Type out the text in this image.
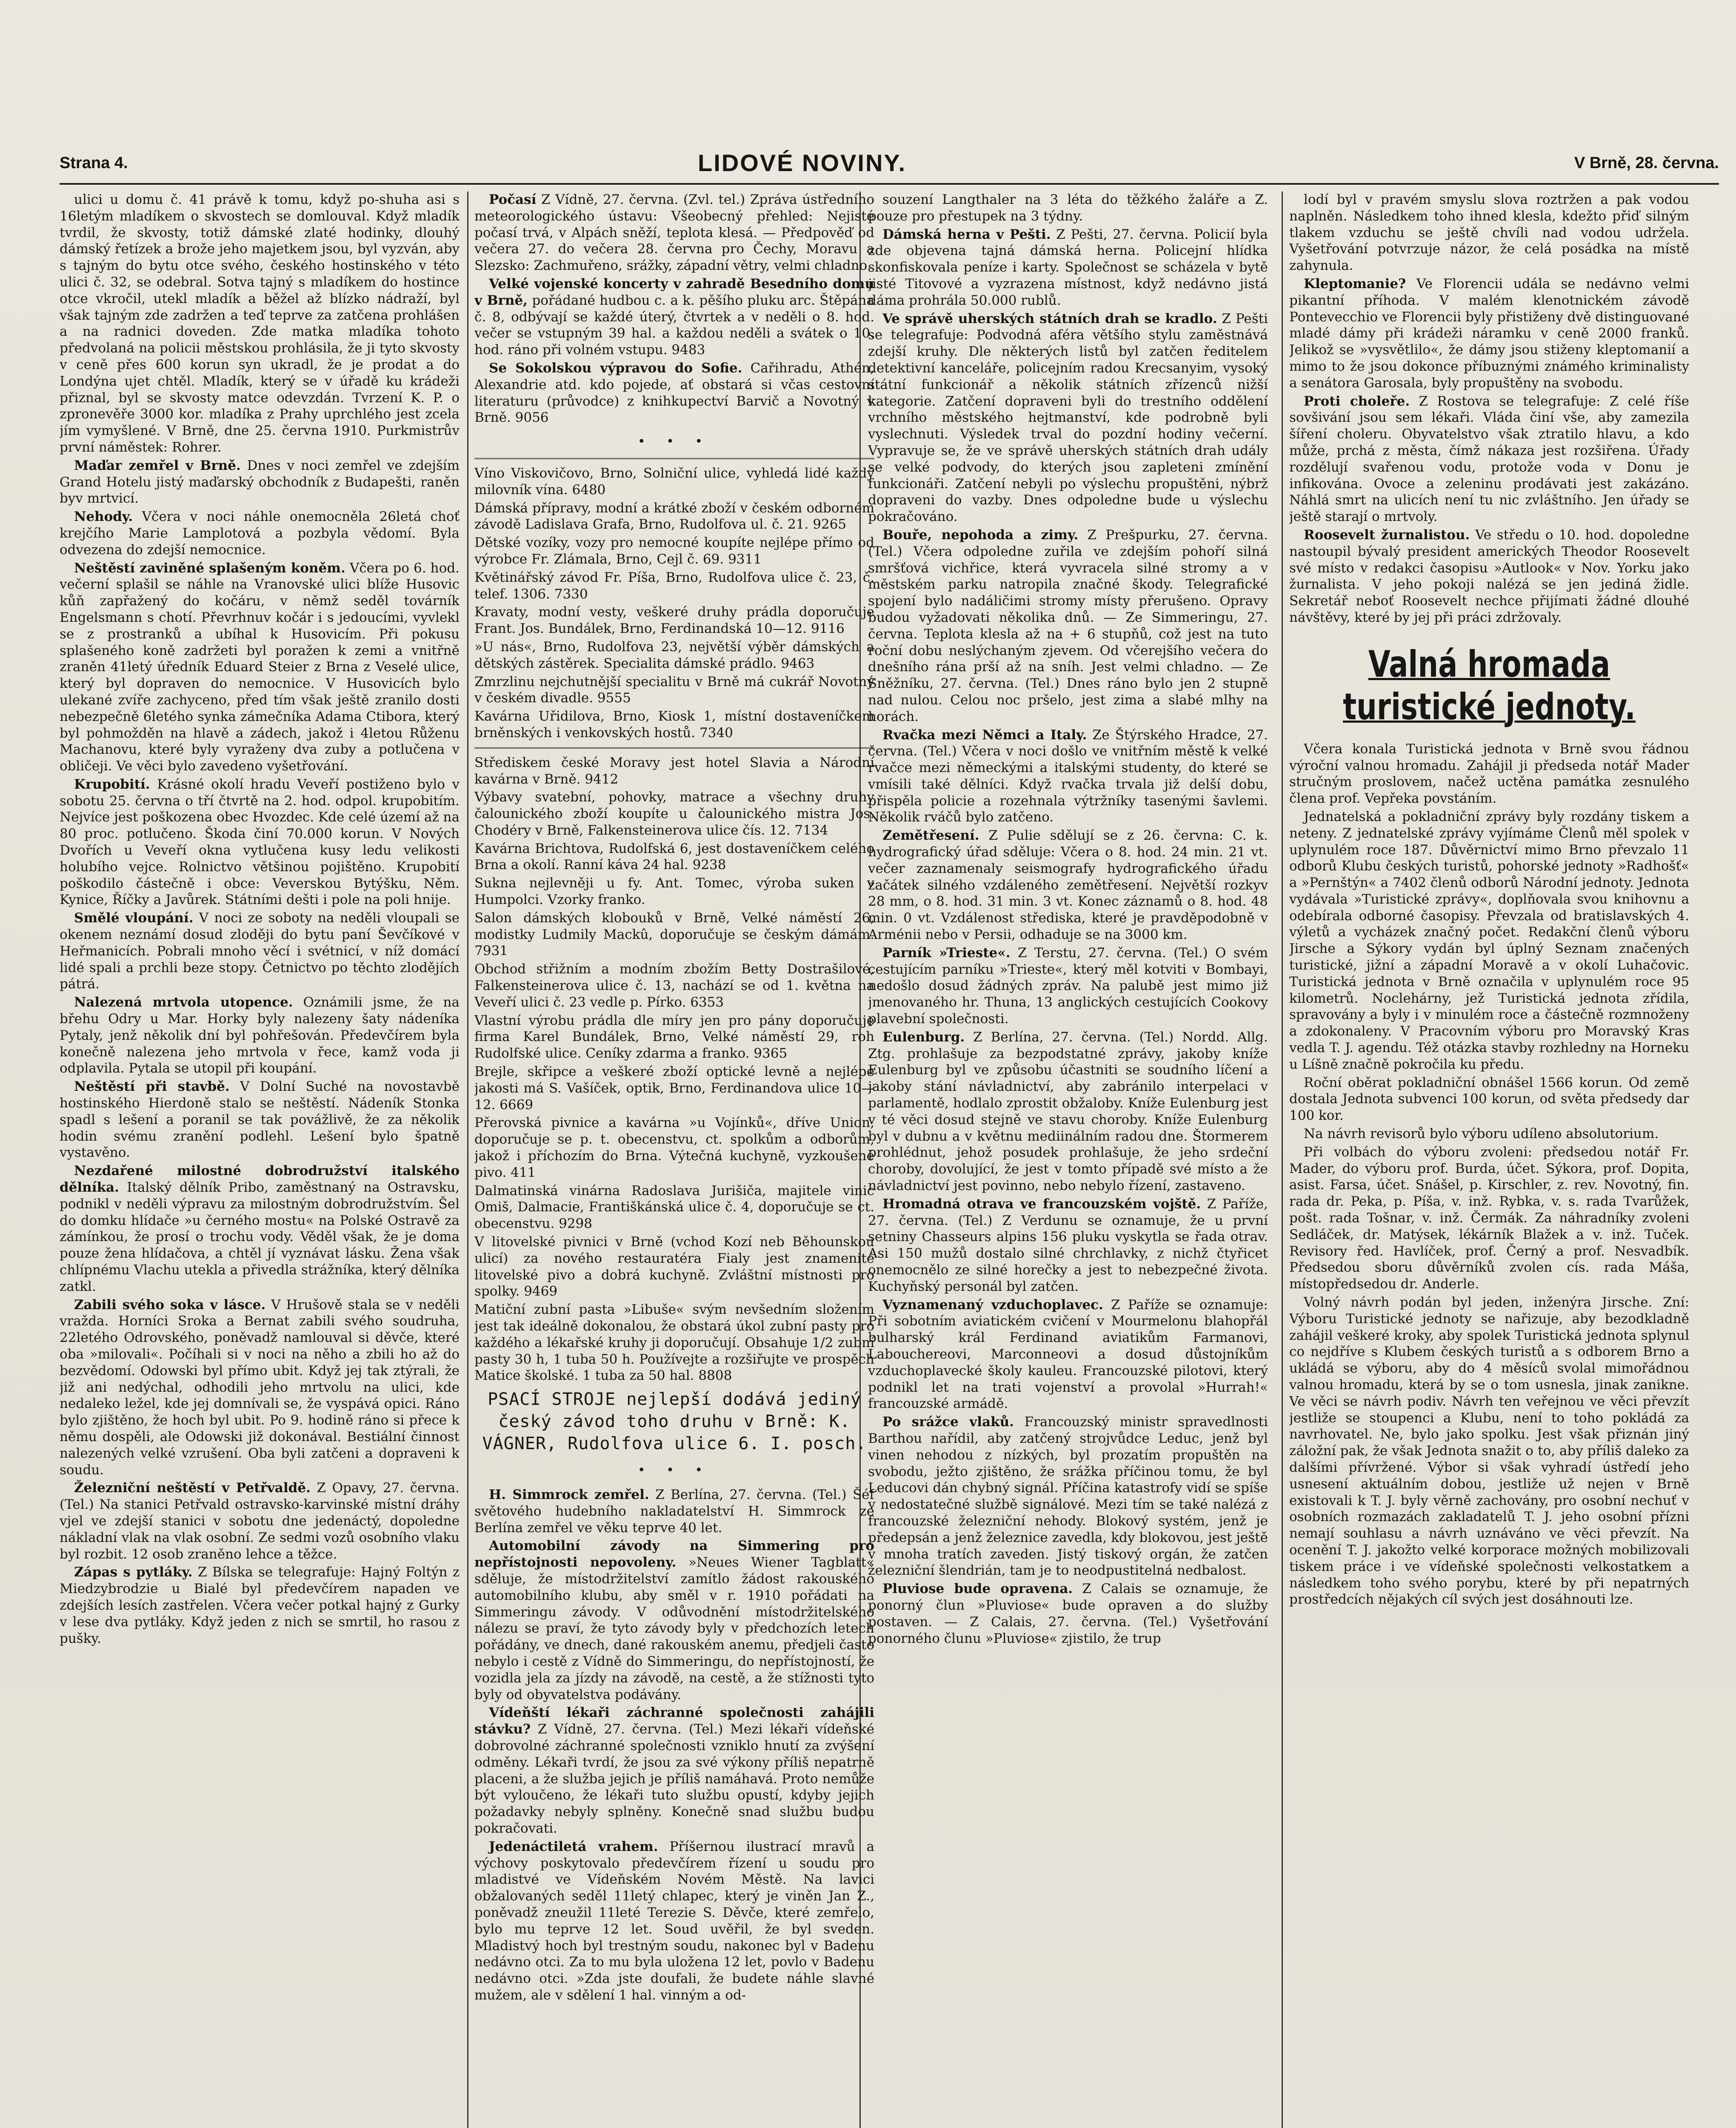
Strana 4.	LIDOVÉ NOVINY.	V Brně, 28. června.

ulici u domu č. 41 právě k tomu, když po-shuha asi s 16letým mladíkem o skvostech se domlouval. Když mladík tvrdil, že skvosty, totiž dámské zlaté hodinky, dlouhý dámský řetízek a brože jeho majetkem jsou, byl vyzván, aby s tajným do bytu otce svého, českého hostinského v této ulici č. 32, se odebral. Sotva tajný s mladíkem do hostince otce vkročil, utekl mladík a běžel až blízko nádraží, byl však tajným zde zadržen a teď teprve za zatčena prohlášen a na radnici doveden. Zde matka mladíka tohoto předvolaná na policii městskou prohlásila, že ji tyto skvosty v ceně přes 600 korun syn ukradl, že je prodat a do Londýna ujet chtěl. Mladík, který se v úřadě ku krádeži přiznal, byl se skvosty matce odevzdán. Tvrzení K. P. o zpronevěře 3000 kor. mladíka z Prahy uprchlého jest zcela jím vymyšlené. V Brně, dne 25. června 1910. Purkmistrův první náměstek: Rohrer.

Maďar zemřel v Brně. Dnes v noci zemřel ve zdejším Grand Hotelu jistý maďarský obchodník z Budapešti, raněn byv mrtvicí.

Nehody. Včera v noci náhle onemocněla 26letá choť krejčího Marie Lamplotová a pozbyla vědomí. Byla odvezena do zdejší nemocnice.

Neštěstí zaviněné splašeným koněm. Včera po 6. hod. večerní splašil se náhle na Vranovské ulici blíže Husovic kůň zapřažený do kočáru, v němž seděl továrník Engelsmann s chotí. Převrhnuv kočár i s jedoucími, vyvlekl se z prostranků a ubíhal k Husovicím. Při pokusu splašeného koně zadržeti byl poražen k zemi a vnitřně zraněn 41letý úředník Eduard Steier z Brna z Veselé ulice, který byl dopraven do nemocnice. V Husovicích bylo ulekané zvíře zachyceno, před tím však ještě zranilo dosti nebezpečně 6letého synka zámečníka Adama Ctibora, který byl pohmožděn na hlavě a zádech, jakož i 4letou Růženu Machanovu, které byly vyraženy dva zuby a potlučena v obličeji. Ve věci bylo zavedeno vyšetřování.

Krupobití. Krásné okolí hradu Veveří postiženo bylo v sobotu 25. června o tří čtvrtě na 2. hod. odpol. krupobitím. Nejvíce jest poškozena obec Hvozdec. Kde celé území až na 80 proc. potlučeno. Škoda činí 70.000 korun. V Nových Dvořích u Veveří okna vytlučena kusy ledu velikosti holubího vejce. Rolnictvo většinou pojištěno. Krupobití poškodilo částečně i obce: Veverskou Bytýšku, Něm. Kynice, Říčky a Javůrek. Státními dešti i pole na poli hnije.

Smělé vloupání. V noci ze soboty na neděli vloupali se okenem neznámí dosud zloději do bytu paní Ševčíkové v Heřmanicích. Pobrali mnoho věcí i svétnicí, v níž domácí lidé spali a prchli beze stopy. Četnictvo po těchto zlodějích pátrá.

Nalezená mrtvola utopence. Oznámili jsme, že na břehu Odry u Mar. Horky byly nalezeny šaty nádeníka Pytaly, jenž několik dní byl pohřešován. Předevčírem byla konečně nalezena jeho mrtvola v řece, kamž voda ji odplavila. Pytala se utopil při koupání.

Neštěstí při stavbě. V Dolní Suché na novostavbě hostinského Hierdoně stalo se neštěstí. Nádeník Stonka spadl s lešení a poranil se tak povážlivě, že za několik hodin svému zranění podlehl. Lešení bylo špatně vystavěno.

Nezdařené milostné dobrodružství italského dělníka. Italský dělník Pribo, zaměstnaný na Ostravsku, podnikl v neděli výpravu za milostným dobrodružstvím. Šel do domku hlídače »u černého mostu« na Polské Ostravě za zámínkou, že prosí o trochu vody. Věděl však, že je doma pouze žena hlídačova, a chtěl jí vyznávat lásku. Žena však chlípnému Vlachu utekla a přivedla strážníka, který dělníka zatkl.

Zabili svého soka v lásce. V Hrušově stala se v neděli vražda. Horníci Sroka a Bernat zabili svého soudruha, 22letého Odrovského, poněvadž namlouval si děvče, které oba »milovali«. Počíhali si v noci na něho a zbili ho až do bezvědomí. Odowski byl přímo ubit. Když jej tak ztýrali, že již ani nedýchal, odhodili jeho mrtvolu na ulici, kde nedaleko ležel, kde jej domnívali se, že vyspává opici. Ráno bylo zjištěno, že hoch byl ubit. Po 9. hodině ráno si přece k němu dospěli, ale Odowski již dokonával. Bestiální činnost nalezených velké vzrušení. Oba byli zatčeni a dopraveni k soudu.

Železniční neštěstí v Petřvaldě. Z Opavy, 27. června. (Tel.) Na stanici Petřvald ostravsko-karvinské místní dráhy vjel ve zdejší stanici v sobotu dne jedenáctý, dopoledne nákladní vlak na vlak osobní. Ze sedmi vozů osobního vlaku byl rozbit. 12 osob zraněno lehce a těžce.

Zápas s pytláky. Z Bílska se telegrafuje: Hajný Foltýn z Miedzybrodzie u Bialé byl předevčírem napaden ve zdejších lesích zastřelen. Včera večer potkal hajný z Gurky v lese dva pytláky. Když jeden z nich se smrtil, ho rasou z pušky.

Počasí Z Vídně, 27. června. (Zvl. tel.) Zpráva ústředního meteorologického ústavu: Všeobecný přehled: Nejisté počasí trvá, v Alpách sněží, teplota klesá. — Předpověď od večera 27. do večera 28. června pro Čechy, Moravu a Slezsko: Zachmuřeno, srážky, západní větry, velmi chladno.

Velké vojenské koncerty v zahradě Besedního domu v Brně, pořádané hudbou c. a k. pěšího pluku arc. Štěpána č. 8, odbývají se každé úterý, čtvrtek a v neděli o 8. hod. večer se vstupným 39 hal. a každou neděli a svátek o 10. hod. ráno při volném vstupu. 9483

Se Sokolskou výpravou do Sofie. Cařihradu, Athén, Alexandrie atd. kdo pojede, ať obstará si včas cestovní literaturu (průvodce) z knihkupectví Barvič a Novotný v Brně. 9056

• • •

Víno Viskovičovo, Brno, Solniční ulice, vyhledá lidé každý milovník vína. 6480

Dámská přípravy, modní a krátké zboží v českém odborném závodě Ladislava Grafa, Brno, Rudolfova ul. č. 21. 9265

Dětské vozíky, vozy pro nemocné koupíte nejlépe přímo od výrobce Fr. Zlámala, Brno, Cejl č. 69. 9311

Květinářský závod Fr. Píša, Brno, Rudolfova ulice č. 23, č. telef. 1306. 7330

Kravaty, modní vesty, veškeré druhy prádla doporučuje Frant. Jos. Bundálek, Brno, Ferdinandská 10—12. 9116

»U nás«, Brno, Rudolfova 23, největší výběr dámských a dětských zástěrek. Specialita dámské prádlo. 9463

Zmrzlinu nejchutnější specialitu v Brně má cukrář Novotný v českém divadle. 9555

Kavárna Uřidilova, Brno, Kiosk 1, místní dostaveníčkem brněnských i venkovských hostů. 7340

Střediskem české Moravy jest hotel Slavia a Národní kavárna v Brně. 9412

Výbavy svatební, pohovky, matrace a všechny druhy čalounického zboží koupíte u čalounického mistra Jos. Chodéry v Brně, Falkensteinerova ulice čís. 12. 7134

Kavárna Brichtova, Rudolfská 6, jest dostaveníčkem celého Brna a okolí. Ranní káva 24 hal. 9238

Sukna nejlevněji u fy. Ant. Tomec, výroba suken v Humpolci. Vzorky franko.

Salon dámských klobouků v Brně, Velké náměstí 26, modistky Ludmily Mackû, doporučuje se českým dámám. 7931

Obchod střižním a modním zbožím Betty Dostrašilové, Falkensteinerova ulice č. 13, nachází se od 1. května na Veveří ulici č. 23 vedle p. Pírko. 6353

Vlastní výrobu prádla dle míry jen pro pány doporučuje firma Karel Bundálek, Brno, Velké náměstí 29, roh Rudolfské ulice. Ceníky zdarma a franko. 9365

Brejle, skřipce a veškeré zboží optické levně a nejlépe jakosti má S. Vašíček, optik, Brno, Ferdinandova ulice 10—12. 6669

Přerovská pivnice a kavárna »u Vojínků«, dříve Union, doporučuje se p. t. obecenstvu, ct. spolkům a odborům, jakož i příchozím do Brna. Výtečná kuchyně, vyzkoušené pivo. 411

Dalmatinská vinárna Radoslava Jurišiča, majitele vinic Omiš, Dalmacie, Františkánská ulice č. 4, doporučuje se ct. obecenstvu. 9298

V litovelské pivnici v Brně (vchod Kozí neb Běhounskou ulicí) za nového restauratéra Fialy jest znamenité litovelské pivo a dobrá kuchyně. Zvláštní místnosti pro spolky. 9469

Matiční zubní pasta »Libuše« svým nevšedním složením jest tak ideálně dokonalou, že obstará úkol zubní pasty pro každého a lékařské kruhy ji doporučují. Obsahuje 1/2 zubní pasty 30 h, 1 tuba 50 h. Používejte a rozšiřujte ve prospěch Matice školské. 1 tuba za 50 hal. 8808

PSACÍ STROJE nejlepší dodává jediný český závod toho druhu v Brně: K. VÁGNER, Rudolfova ulice 6. I. posch.
• • •

H. Simmrock zemřel. Z Berlína, 27. června. (Tel.) Šéf světového hudebního nakladatelství H. Simmrock ze Berlína zemřel ve věku teprve 40 let.

Automobilní závody na Simmering pro nepřístojnosti nepovoleny. »Neues Wiener Tagblatt« sděluje, že místodržitelství zamítlo žádost rakouského automobilního klubu, aby směl v r. 1910 pořádati na Simmeringu závody. V odůvodnění místodržitelského nálezu se praví, že tyto závody byly v předchozích letech pořádány, ve dnech, dané rakouském anemu, předjeli často nebylo i cestě z Vídně do Simmeringu, do nepřístojností, že vozidla jela za jízdy na závodě, na cestě, a že stížnosti tyto byly od obyvatelstva podávány.

Vídeňští lékaři záchranné společnosti zahájili stávku? Z Vídně, 27. června. (Tel.) Mezi lékaři vídeňské dobrovolné záchranné společnosti vzniklo hnutí za zvýšení odměny. Lékaři tvrdí, že jsou za své výkony příliš nepatrně placeni, a že služba jejich je příliš namáhavá. Proto nemůže být vyloučeno, že lékaři tuto službu opustí, kdyby jejich požadavky nebyly splněny. Konečně snad službu budou pokračovati.

Jedenáctiletá vrahem. Příšernou ilustrací mravů a výchovy poskytovalo předevčírem řízení u soudu pro mladistvé ve Vídeňském Novém Městě. Na lavici obžalovaných seděl 11letý chlapec, který je viněn Jan Z., poněvadž zneužil 11leté Terezie S. Děvče, které zemřelo, bylo mu teprve 12 let. Soud uvěřil, že byl sveden. Mladistvý hoch byl trestným soudu, nakonec byl v Badenu nedávno otci. Za to mu byla uložena 12 let, povlo v Badenu nedávno otci. »Zda jste doufali, že budete náhle slavné mužem, ale v sdělení 1 hal. vinným a od-

souzení Langthaler na 3 léta do těžkého žaláře a Z. pouze pro přestupek na 3 týdny.

Dámská herna v Pešti. Z Pešti, 27. června. Policií byla zde objevena tajná dámská herna. Policejní hlídka skonfiskovala peníze i karty. Společnost se scházela v bytě jisté Titovové a vyzrazena místnost, když nedávno jistá dáma prohrála 50.000 rublů.

Ve správě uherských státních drah se kradlo. Z Pešti se telegrafuje: Podvodná aféra většího stylu zaměstnává zdejší kruhy. Dle některých listů byl zatčen ředitelem detektivní kanceláře, policejním radou Krecsanyim, vysoký státní funkcionář a několik státních zřízenců nižší kategorie. Zatčení dopraveni byli do trestního oddělení vrchního městského hejtmanství, kde podrobně byli vyslechnuti. Výsledek trval do pozdní hodiny večerní. Vypravuje se, že ve správě uherských státních drah udály se velké podvody, do kterých jsou zapleteni zmínění funkcionáři. Zatčení nebyli po výslechu propuštěni, nýbrž dopraveni do vazby. Dnes odpoledne bude u výslechu pokračováno.

Bouře, nepohoda a zimy. Z Prešpurku, 27. června. (Tel.) Včera odpoledne zuřila ve zdejším pohoří silná smršťová vichřice, která vyvracela silné stromy a v městském parku natropila značné škody. Telegrafické spojení bylo nadáličimi stromy místy přerušeno. Opravy budou vyžadovati několika dnů. — Ze Simmeringu, 27. června. Teplota klesla až na + 6 stupňů, což jest na tuto roční dobu neslýchaným zjevem. Od včerejšího večera do dnešního rána prší až na sníh. Jest velmi chladno. — Ze Sněžníku, 27. června. (Tel.) Dnes ráno bylo jen 2 stupně nad nulou. Celou noc pršelo, jest zima a slabé mlhy na horách.

Rvačka mezi Němci a Italy. Ze Štýrského Hradce, 27. června. (Tel.) Včera v noci došlo ve vnitřním městě k velké rvačce mezi německými a italskými studenty, do které se vmísili také dělníci. Když rvačka trvala již delší dobu, přispěla policie a rozehnala výtržníky tasenými šavlemi. Několik rváčů bylo zatčeno.

Zemětřesení. Z Pulie sdělují se z 26. června: C. k. hydrografický úřad sděluje: Včera o 8. hod. 24 min. 21 vt. večer zaznamenaly seismografy hydrografického úřadu začátek silného vzdáleného zemětřesení. Největší rozkyv 28 mm, o 8. hod. 31 min. 3 vt. Konec záznamů o 8. hod. 48 min. 0 vt. Vzdálenost střediska, které je pravděpodobně v Arménii nebo v Persii, odhaduje se na 3000 km.

Parník »Trieste«. Z Terstu, 27. června. (Tel.) O svém cestujícím parníku »Trieste«, který měl kotviti v Bombayi, nedošlo dosud žádných zpráv. Na palubě jest mimo již jmenovaného hr. Thuna, 13 anglických cestujících Cookovy plavební společnosti.

Eulenburg. Z Berlína, 27. června. (Tel.) Nordd. Allg. Ztg. prohlašuje za bezpodstatné zprávy, jakoby kníže Eulenburg byl ve způsobu účastniti se soudního líčení a jakoby stání návladnictví, aby zabránilo interpelaci v parlamentě, hodlalo zprostit obžaloby. Kníže Eulenburg jest v té věci dosud stejně ve stavu choroby. Kníže Eulenburg byl v dubnu a v květnu mediinálním radou dne. Štormerem prohlédnut, jehož posudek prohlašuje, že jeho srdeční choroby, dovolující, že jest v tomto případě své místo a že návladnictví jest povinno, nebo nebylo řízení, zastaveno.

Hromadná otrava ve francouzském vojště. Z Paříže, 27. června. (Tel.) Z Verdunu se oznamuje, že u první setniny Chasseurs alpins 156 pluku vyskytla se řada otrav. Asi 150 mužů dostalo silné chrchlavky, z nichž čtyřicet onemocnělo ze silné horečky a jest to nebezpečné života. Kuchyňský personál byl zatčen.

Vyznamenaný vzduchoplavec. Z Paříže se oznamuje: Při sobotním aviatickém cvičení v Mourmelonu blahopřál bulharský král Ferdinand aviatikům Farmanovi, Labouchereovi, Marconneovi a dosud důstojníkům vzduchoplavecké školy kauleu. Francouzské pilotovi, který podnikl let na trati vojenství a provolal »Hurrah!« francouzské armádě.

Po srážce vlaků. Francouzský ministr spravedlnosti Barthou nařídil, aby zatčený strojvůdce Leduc, jenž byl vinen nehodou z nízkých, byl prozatím propuštěn na svobodu, ježto zjištěno, že srážka příčinou tomu, že byl Leducovi dán chybný signál. Příčina katastrofy vidí se spíše v nedostatečné službě signálové. Mezi tím se také nalézá z francouzské železniční nehody. Blokový systém, jenž je předepsán a jenž železnice zavedla, kdy blokovou, jest ještě v mnoha tratích zaveden. Jistý tiskový orgán, že zatčen železniční šlendrián, tam je to neodpustitelná nedbalost.

Pluviose bude opravena. Z Calais se oznamuje, že ponorný člun »Pluviose« bude opraven a do služby postaven. — Z Calais, 27. června. (Tel.) Vyšetřování ponorného člunu »Pluviose« zjistilo, že trup

lodí byl v pravém smyslu slova roztržen a pak vodou naplněn. Následkem toho ihned klesla, kdežto přiď silným tlakem vzduchu se ještě chvíli nad vodou udržela. Vyšetřování potvrzuje názor, že celá posádka na místě zahynula.

Kleptomanie? Ve Florencii udála se nedávno velmi pikantní příhoda. V malém klenotnickém závodě Pontevecchio ve Florencii byly přistiženy dvě distinguované mladé dámy při krádeži náramku v ceně 2000 franků. Jelikož se »vysvětlilo«, že dámy jsou stiženy kleptomanií a mimo to že jsou dokonce příbuznými známého kriminalisty a senátora Garosala, byly propuštěny na svobodu.

Proti choleře. Z Rostova se telegrafuje: Z celé říše sovšivání jsou sem lékaři. Vláda činí vše, aby zamezila šíření choleru. Obyvatelstvo však ztratilo hlavu, a kdo může, prchá z města, čímž nákaza jest rozšiřena. Úřady rozdělují svařenou vodu, protože voda v Donu je infikována. Ovoce a zeleninu prodávati jest zakázáno. Náhlá smrt na ulicích není tu nic zvláštního. Jen úřady se ještě starají o mrtvoly.

Roosevelt žurnalistou. Ve středu o 10. hod. dopoledne nastoupil bývalý president amerických Theodor Roosevelt své místo v redakci časopisu »Autlook« v Nov. Yorku jako žurnalista. V jeho pokoji nalézá se jen jediná židle. Sekretář neboť Roosevelt nechce přijímati žádné dlouhé návštěvy, které by jej při práci zdržovaly.

Valná hromada turistické jednoty.

Včera konala Turistická jednota v Brně svou řádnou výroční valnou hromadu. Zahájil ji předseda notář Mader stručným proslovem, načež uctěna památka zesnulého člena prof. Vepřeka povstáním.

Jednatelská a pokladniční zprávy byly rozdány tiskem a neteny. Z jednatelské zprávy vyjímáme Členů měl spolek v uplynulém roce 187. Důvěrnictví mimo Brno převzalo 11 odborů Klubu českých turistů, pohorské jednoty »Radhošť« a »Pernštýn« a 7402 členů odborů Národní jednoty. Jednota vydávala »Turistické zprávy«, doplňovala svou knihovnu a odebírala odborné časopisy. Převzala od bratislavských 4. výletů a vycházek značný počet. Redakční členů výboru Jirsche a Sýkory vydán byl úplný Seznam značených turistické, jižní a západní Moravě a v okolí Luhačovic. Turistická jednota v Brně označila v uplynulém roce 95 kilometrů. Noclehárny, jež Turistická jednota zřídila, spravovány a byly i v minulém roce a částečně rozmnoženy a zdokonaleny. V Pracovním výboru pro Moravský Kras vedla T. J. agendu. Též otázka stavby rozhledny na Horneku u Líšně značně pokročila ku předu.

Roční oběrat pokladniční obnášel 1566 korun. Od země dostala Jednota subvenci 100 korun, od světa předsedy dar 100 kor.

Na návrh revisorů bylo výboru udíleno absolutorium.

Při volbách do výboru zvoleni: předsedou notář Fr. Mader, do výboru prof. Burda, účet. Sýkora, prof. Dopita, asist. Farsa, účet. Snášel, p. Kirschler, z. rev. Novotný, fin. rada dr. Peka, p. Píša, v. inž. Rybka, v. s. rada Tvarůžek, pošt. rada Tošnar, v. inž. Čermák. Za náhradníky zvoleni Sedláček, dr. Matýsek, lékárník Blažek a v. inž. Tuček. Revisory řed. Havlíček, prof. Černý a prof. Nesvadbík. Předsedou sboru důvěrníků zvolen cís. rada Máša, místopředsedou dr. Anderle.

Volný návrh podán byl jeden, inženýra Jirsche. Zní: Výboru Turistické jednoty se nařizuje, aby bezodkladně zahájil veškeré kroky, aby spolek Turistická jednota splynul co nejdříve s Klubem českých turistů a s odborem Brno a ukládá se výboru, aby do 4 měsíců svolal mimořádnou valnou hromadu, která by se o tom usnesla, jinak zanikne. Ve věci se návrh podiv. Návrh ten veřejnou ve věci převzít jestliže se stoupenci a Klubu, není to toho pokládá za navrhovatel. Ne, bylo jako spolku. Jest však přiznán jiný záložní pak, že však Jednota snažit o to, aby příliš daleko za dalšími přívržené. Výbor si však vyhradí ústředí jeho usnesení aktuálním dobou, jestliže už nejen v Brně existovali k T. J. byly věrně zachovány, pro osobní nechuť v osobních rozmazách zakladatelů T. J. jeho osobní přízni nemají souhlasu a návrh uznáváno ve věci převzít. Na ocenění T. J. jakožto velké korporace možných mobilizovali tiskem práce i ve vídeňské společnosti velkostatkem a následkem toho svého porybu, které by při nepatrných prostředcích nějakých cíl svých jest dosáhnouti lze.
